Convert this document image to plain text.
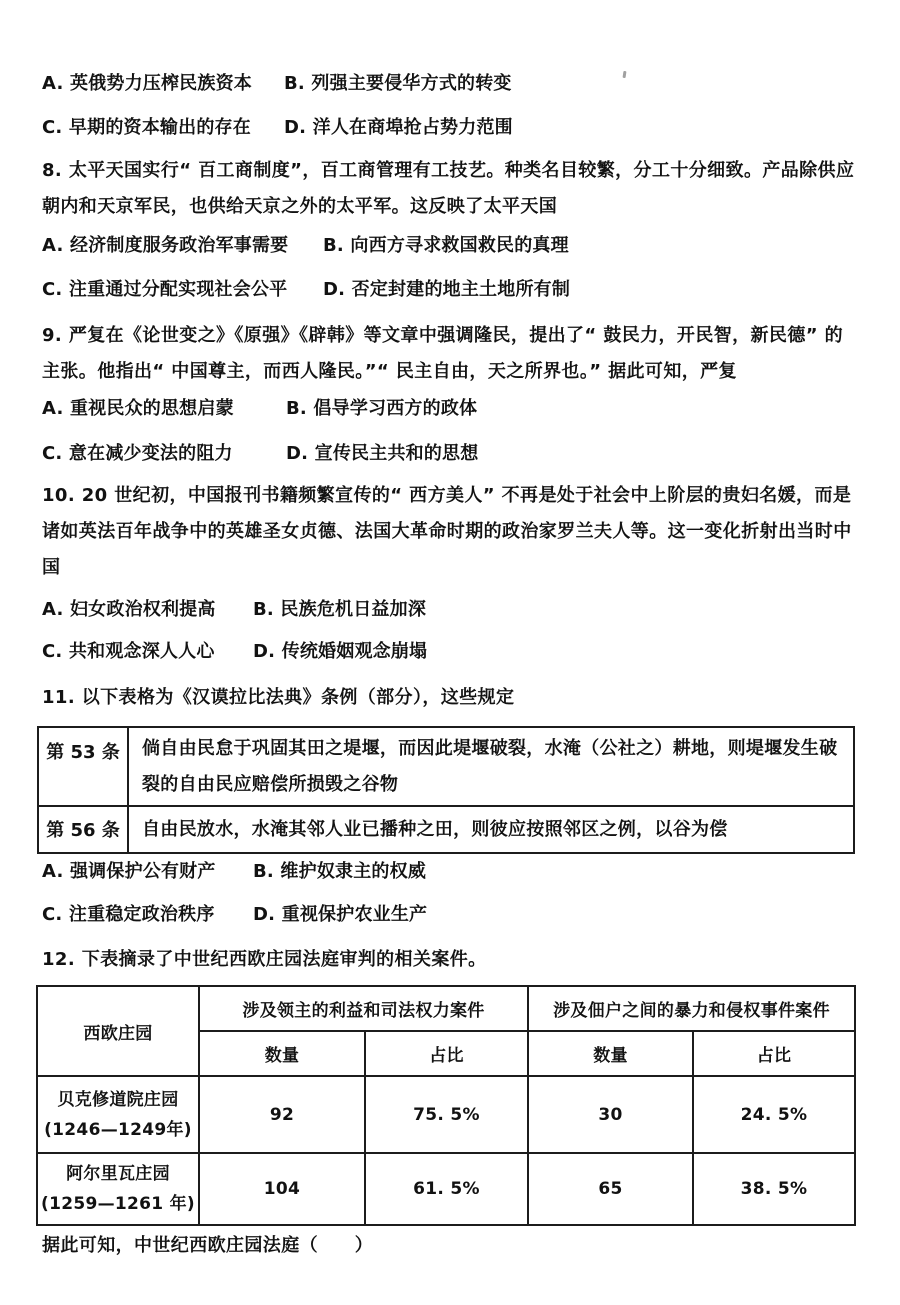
A. 英俄势力压榨民族资本	B. 列强主要侵华方式的转变
C. 早期的资本输出的存在	D. 洋人在商埠抢占势力范围
8. 太平天国实行“ 百工商制度”，百工商管理有工技艺。种类名目较繁，分工十分细致。产品除供应朝内和天京军民，也供给天京之外的太平军。这反映了太平天国
A. 经济制度服务政治军事需要	B. 向西方寻求救国救民的真理
C. 注重通过分配实现社会公平	D. 否定封建的地主土地所有制
9. 严复在《论世变之》《原强》《辟韩》等文章中强调隆民，提出了“ 鼓民力，开民智，新民德” 的主张。他指出“ 中国尊主，而西人隆民。”“ 民主自由，天之所界也。” 据此可知，严复
A. 重视民众的思想启蒙	B. 倡导学习西方的政体
C. 意在减少变法的阻力	D. 宣传民主共和的思想
10. 20 世纪初，中国报刊书籍频繁宣传的“ 西方美人” 不再是处于社会中上阶层的贵妇名媛，而是诸如英法百年战争中的英雄圣女贞德、法国大革命时期的政治家罗兰夫人等。这一变化折射出当时中国
A. 妇女政治权利提高	B. 民族危机日益加深
C. 共和观念深人人心	D. 传统婚姻观念崩塌
11. 以下表格为《汉谟拉比法典》条例（部分），这些规定
第 53 条	倘自由民怠于巩固其田之堤堰，而因此堤堰破裂，水淹（公社之）耕地，则堤堰发生破裂的自由民应赔偿所损毁之谷物
第 56 条	自由民放水，水淹其邻人业已播种之田，则彼应按照邻区之例，以谷为偿
A. 强调保护公有财产	B. 维护奴隶主的权威
C. 注重稳定政治秩序	D. 重视保护农业生产
12. 下表摘录了中世纪西欧庄园法庭审判的相关案件。
西欧庄园	涉及领主的利益和司法权力案件		涉及佃户之间的暴力和侵权事件案件	
	数量	占比	数量	占比

贝克修道院庄园
(1246—1249年)	92	75. 5%	30	24. 5%

阿尔里瓦庄园
(1259—1261 年)	104	61. 5%	65	38. 5%
据此可知，中世纪西欧庄园法庭（　　）
